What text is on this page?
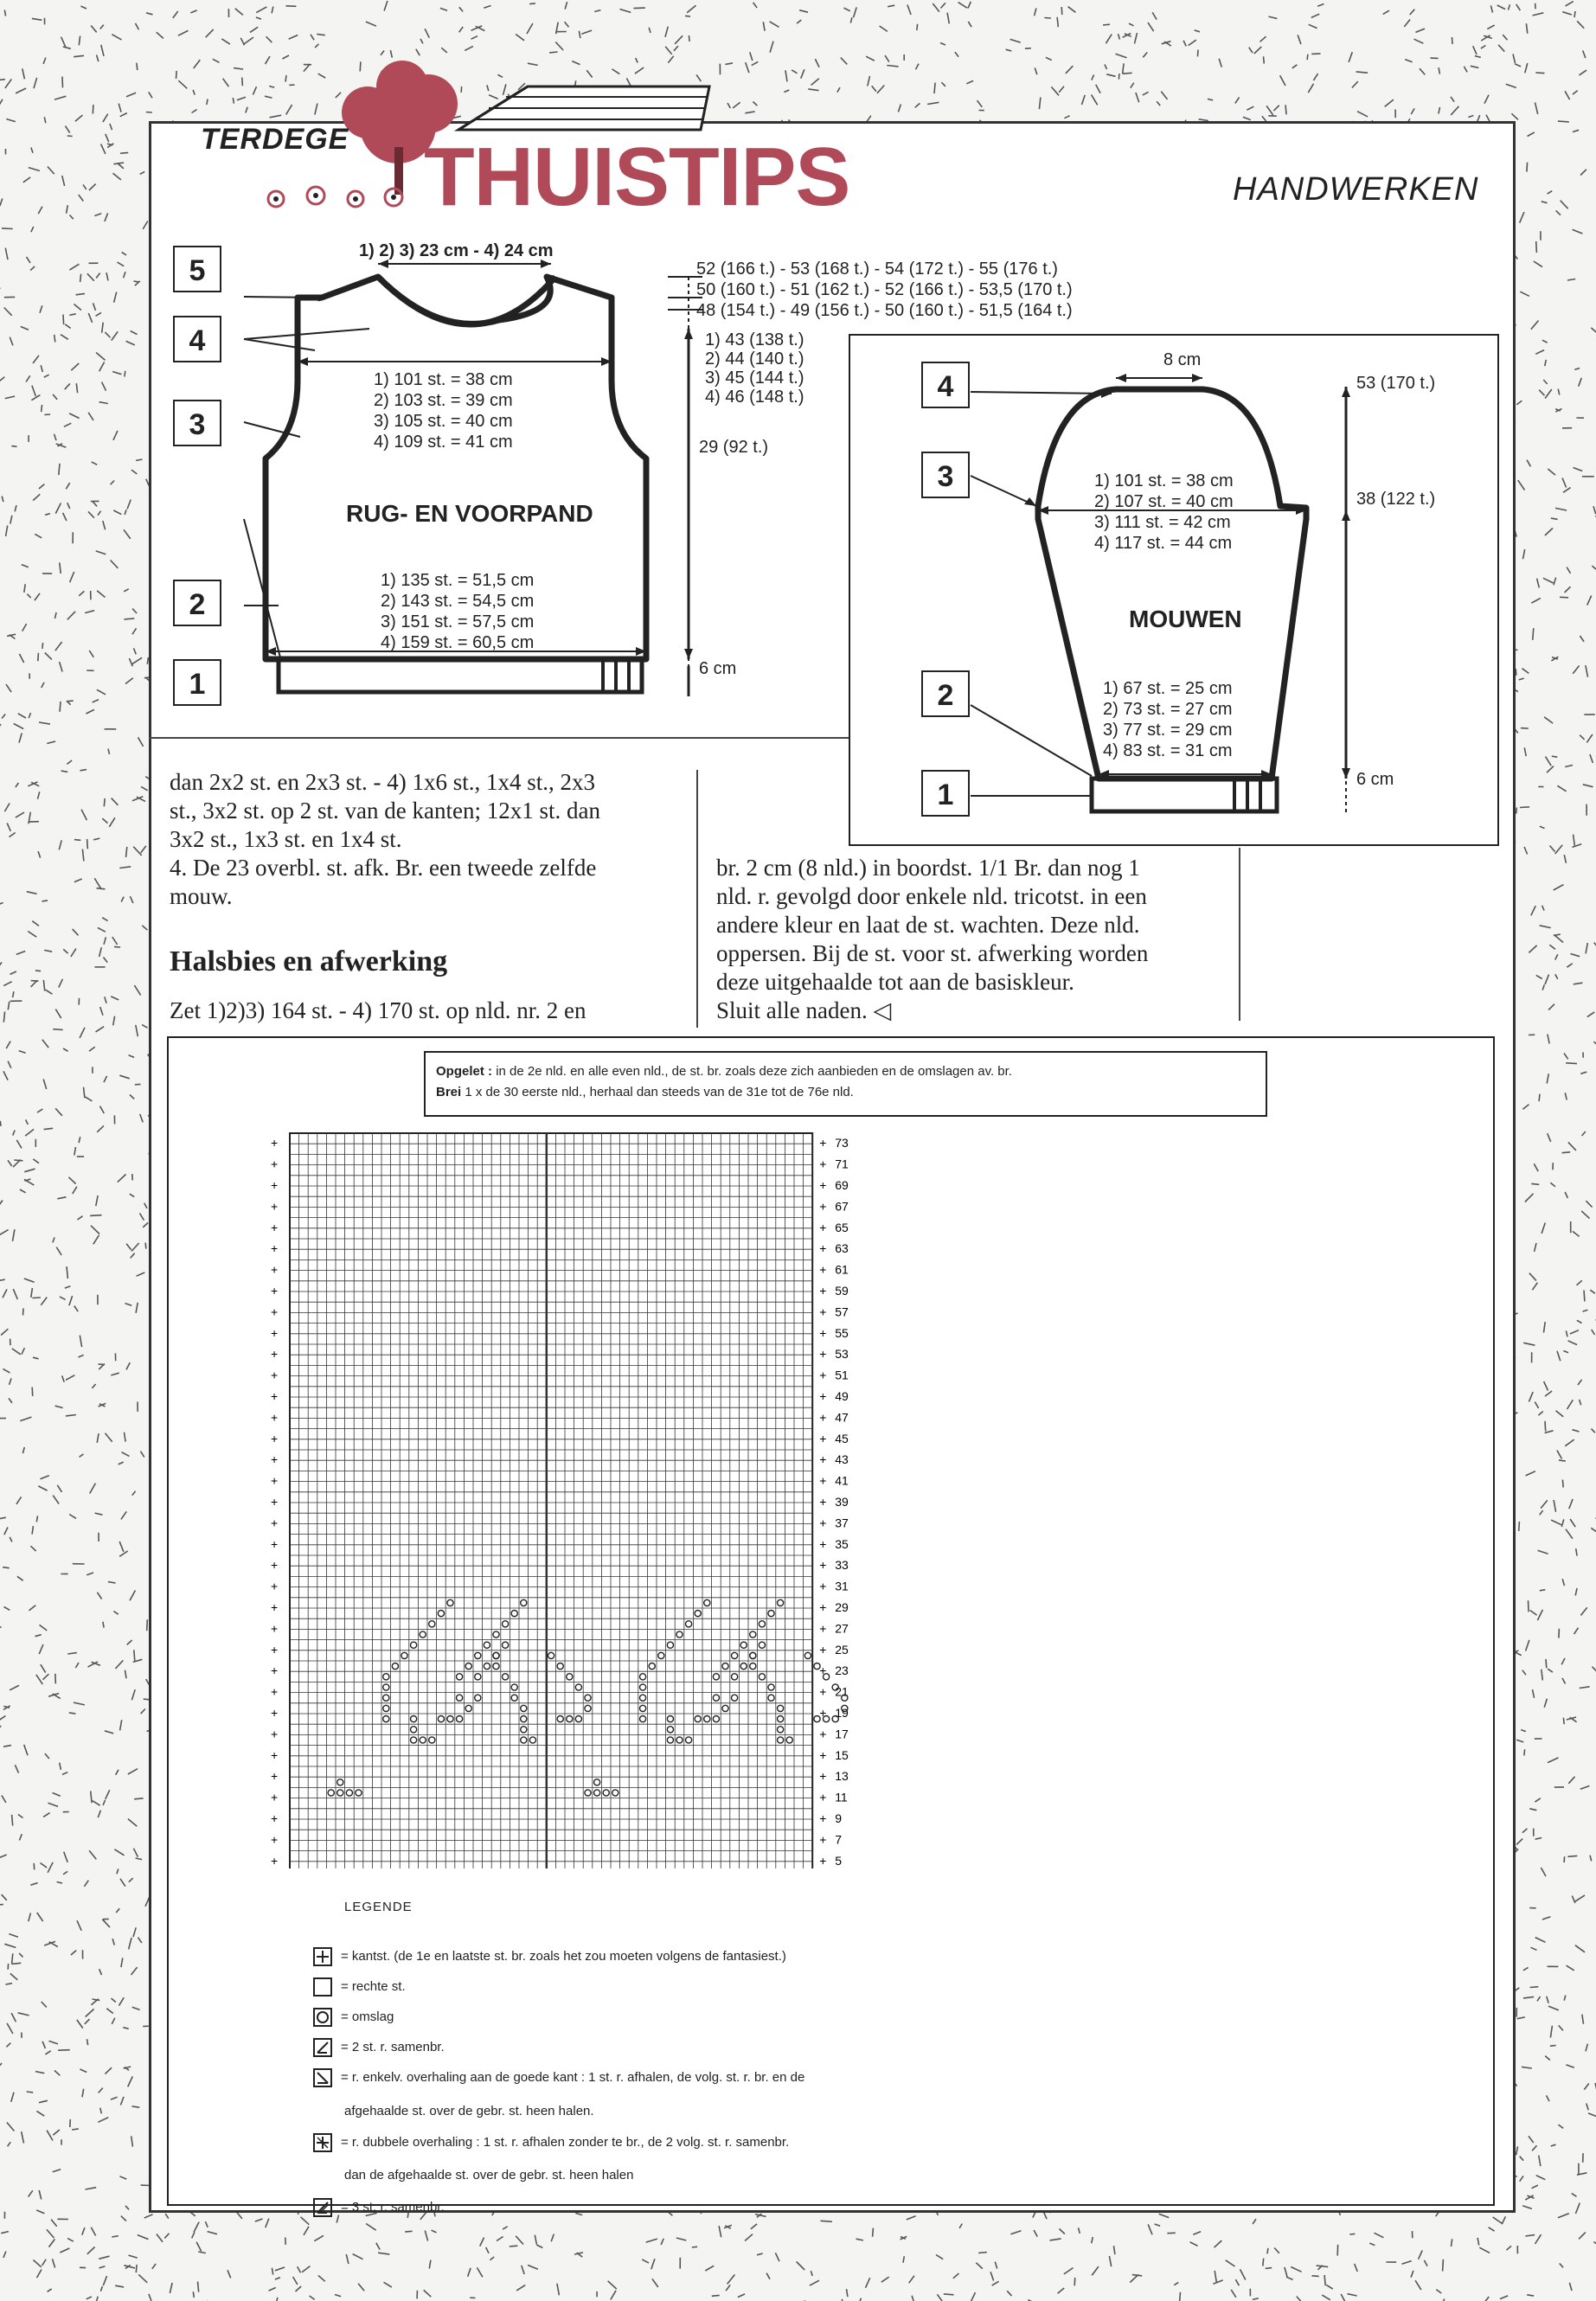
TERDEGE THUISTIPS	HANDWERKEN
5
4
3
2
1
1) 2) 3) 23 cm - 4) 24 cm
52 (166 t.) - 53 (168 t.) - 54 (172 t.) - 55 (176 t.)
50 (160 t.) - 51 (162 t.) - 52 (166 t.) - 53,5 (170 t.)
48 (154 t.) - 49 (156 t.) - 50 (160 t.) - 51,5 (164 t.)
1) 43 (138 t.)
2) 44 (140 t.)
3) 45 (144 t.)
4) 46 (148 t.)
29 (92 t.)
6 cm
1) 101 st. = 38 cm
2) 103 st. = 39 cm
3) 105 st. = 40 cm
4) 109 st. = 41 cm
RUG- EN VOORPAND
1) 135 st. = 51,5 cm
2) 143 st. = 54,5 cm
3) 151 st. = 57,5 cm
4) 159 st. = 60,5 cm
4
3
2
1
8 cm
53 (170 t.)
38 (122 t.)
6 cm
1) 101 st. = 38 cm
2) 107 st. = 40 cm
3) 111 st. = 42 cm
4) 117 st. = 44 cm
MOUWEN
1) 67 st. = 25 cm
2) 73 st. = 27 cm
3) 77 st. = 29 cm
4) 83 st. = 31 cm

dan 2x2 st. en 2x3 st. - 4) 1x6 st., 1x4 st., 2x3

st., 3x2 st. op 2 st. van de kanten; 12x1 st. dan

3x2 st., 1x3 st. en 1x4 st.

4. De 23 overbl. st. afk. Br. een tweede zelfde

mouw.

Halsbies en afwerking
Zet 1)2)3) 164 st. - 4) 170 st. op nld. nr. 2 en

br. 2 cm (8 nld.) in boordst. 1/1 Br. dan nog 1

nld. r. gevolgd door enkele nld. tricotst. in een

andere kleur en laat de st. wachten. Deze nld.

oppersen. Bij de st. voor st. afwerking worden

deze uitgehaalde tot aan de basiskleur.

Sluit alle naden. ◁

Opgelet : in de 2e nld. en alle even nld., de st. br. zoals deze zich aanbieden en de omslagen av. br.
Brei 1 x de 30 eerste nld., herhaal dan steeds van de 31e tot de 76e nld.
+
+
+
+
+
+
+
+
+
+
+
+
+
+
+
+
+
+
+
+
+
+
+
+
+
+
+
+
+
+
+
+
+
+
+
+ 73
+ 71
+ 69
+ 67
+ 65
+ 63
+ 61
+ 59
+ 57
+ 55
+ 53
+ 51
+ 49
+ 47
+ 45
+ 43
+ 41
+ 39
+ 37
+ 35
+ 33
+ 31
+ 29
+ 27
+ 25
+ 23
+ 21
+ 19
+ 17
+ 15
+ 13
+ 11
+ 9
+ 7
+ 5
LEGENDE
= kantst. (de 1e en laatste st. br. zoals het zou moeten volgens de fantasiest.)
= rechte st.
= omslag
= 2 st. r. samenbr.
= r. enkelv. overhaling aan de goede kant : 1 st. r. afhalen, de volg. st. r. br. en de
afgehaalde st. over de gebr. st. heen halen.
= r. dubbele overhaling : 1 st. r. afhalen zonder te br., de 2 volg. st. r. samenbr.
dan de afgehaalde st. over de gebr. st. heen halen
= 3 st. r. samenbr.
